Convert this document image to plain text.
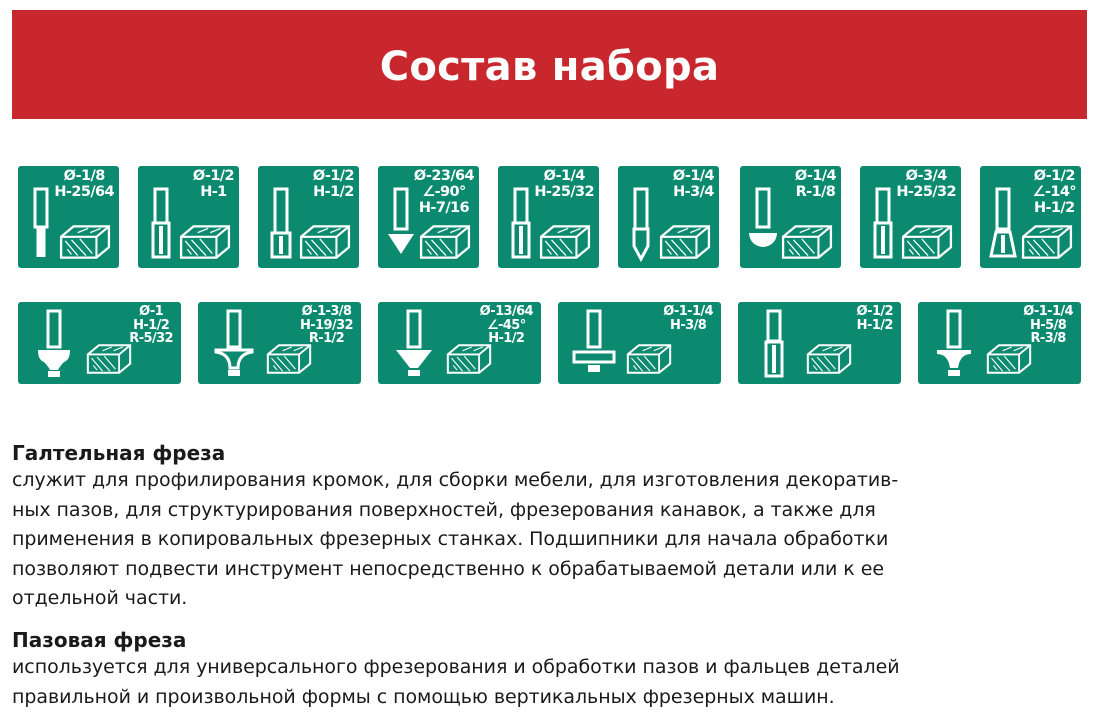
Состав набора
Ø-1/8
H-25/64
Ø-1/2
H-1
Ø-1/2
H-1/2
Ø-23/64
∠-90°
H-7/16
Ø-1/4
H-25/32
Ø-1/4
H-3/4
Ø-1/4
R-1/8
Ø-3/4
H-25/32
Ø-1/2
∠-14°
H-1/2
Ø-1
H-1/2
R-5/32
Ø-1-3/8
H-19/32
R-1/2
Ø-13/64
∠-45°
H-1/2
Ø-1-1/4
H-3/8
Ø-1/2
H-1/2
Ø-1-1/4
H-5/8
R-3/8

Галтельная фреза

служит для профилирования кромок, для сборки мебели, для изготовления декоратив-
ных пазов, для структурирования поверхностей, фрезерования канавок, а также для
применения в копировальных фрезерных станках. Подшипники для начала обработки
позволяют подвести инструмент непосредственно к обрабатываемой детали или к ее
отдельной части.

Пазовая фреза

используется для универсального фрезерования и обработки пазов и фальцев деталей
правильной и произвольной формы с помощью вертикальных фрезерных машин.
